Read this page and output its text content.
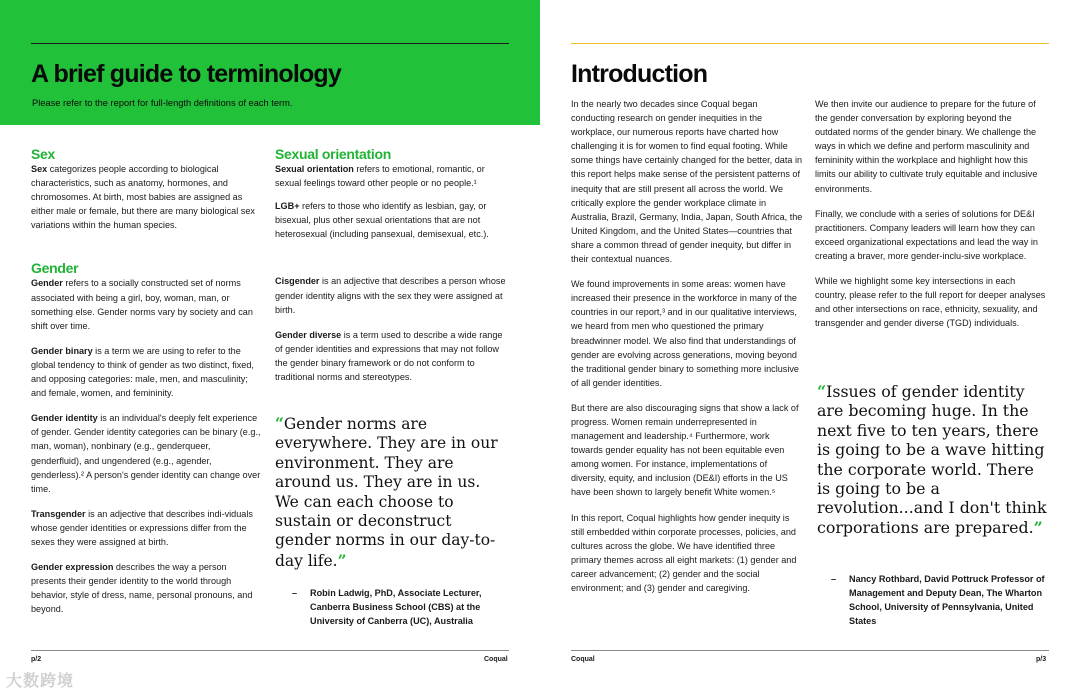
A brief guide to terminology
Please refer to the report for full-length definitions of each term.
Sex
Sex categorizes people according to biological characteristics, such as anatomy, hormones, and chromosomes. At birth, most babies are assigned as either male or female, but there are many biological sex variations within the human species.
Gender
Gender refers to a socially constructed set of norms associated with being a girl, boy, woman, man, or something else. Gender norms vary by society and can shift over time.
Gender binary is a term we are using to refer to the global tendency to think of gender as two distinct, fixed, and opposing categories: male, men, and masculinity; and female, women, and femininity.
Gender identity is an individual's deeply felt experience of gender. Gender identity categories can be binary (e.g., man, woman), nonbinary (e.g., genderqueer, genderfluid), and ungendered (e.g., agender, genderless).² A person's gender identity can change over time.
Transgender is an adjective that describes indi-viduals whose gender identities or expressions differ from the sexes they were assigned at birth.
Gender expression describes the way a person presents their gender identity to the world through behavior, style of dress, name, personal pronouns, and beyond.
Sexual orientation
Sexual orientation refers to emotional, romantic, or sexual feelings toward other people or no people.¹
LGB+ refers to those who identify as lesbian, gay, or bisexual, plus other sexual orientations that are not heterosexual (including pansexual, demisexual, etc.).
Cisgender is an adjective that describes a person whose gender identity aligns with the sex they were assigned at birth.
Gender diverse is a term used to describe a wide range of gender identities and expressions that may not follow the gender binary framework or do not conform to traditional norms and stereotypes.
“Gender norms are everywhere. They are in our environment. They are around us. They are in us. We can each choose to sustain or deconstruct gender norms in our day-to-day life.”
– Robin Ladwig, PhD, Associate Lecturer, Canberra Business School (CBS) at the University of Canberra (UC), Australia
p/2	Coqual
Introduction
In the nearly two decades since Coqual began conducting research on gender inequities in the workplace, our numerous reports have charted how challenging it is for women to find equal footing. While some things have certainly changed for the better, data in this report helps make sense of the persistent patterns of inequity that are still present all across the world. We critically explore the gender workplace climate in Australia, Brazil, Germany, India, Japan, South Africa, the United Kingdom, and the United States—countries that share a common thread of gender inequity, but differ in their contextual nuances.
We found improvements in some areas: women have increased their presence in the workforce in many of the countries in our report,³ and in our qualitative interviews, we heard from men who questioned the primary breadwinner model. We also find that understandings of gender are evolving across generations, moving beyond the traditional gender binary to something more inclusive of all gender identities.
But there are also discouraging signs that show a lack of progress. Women remain underrepresented in management and leadership.⁴ Furthermore, work towards gender equality has not been equitable even among women. For instance, implementations of diversity, equity, and inclusion (DE&I) efforts in the US have been shown to largely benefit White women.⁵
In this report, Coqual highlights how gender inequity is still embedded within corporate processes, policies, and cultures across the globe. We have identified three primary themes across all eight markets: (1) gender and career advancement; (2) gender and the social environment; and (3) gender and caregiving.
We then invite our audience to prepare for the future of the gender conversation by exploring beyond the outdated norms of the gender binary. We challenge the ways in which we define and perform masculinity and femininity within the workplace and highlight how this limits our ability to cultivate truly equitable and inclusive environments.
Finally, we conclude with a series of solutions for DE&I practitioners. Company leaders will learn how they can exceed organizational expectations and lead the way in creating a braver, more gender-inclu-sive workplace.
While we highlight some key intersections in each country, please refer to the full report for deeper analyses and other intersections on race, ethnicity, sexuality, and transgender and gender diverse (TGD) individuals.
“Issues of gender identity are becoming huge. In the next five to ten years, there is going to be a wave hitting the corporate world. There is going to be a revolution...and I don't think corporations are prepared.”
– Nancy Rothbard, David Pottruck Professor of Management and Deputy Dean, The Wharton School, University of Pennsylvania, United States
Coqual	p/3
大数跨境
